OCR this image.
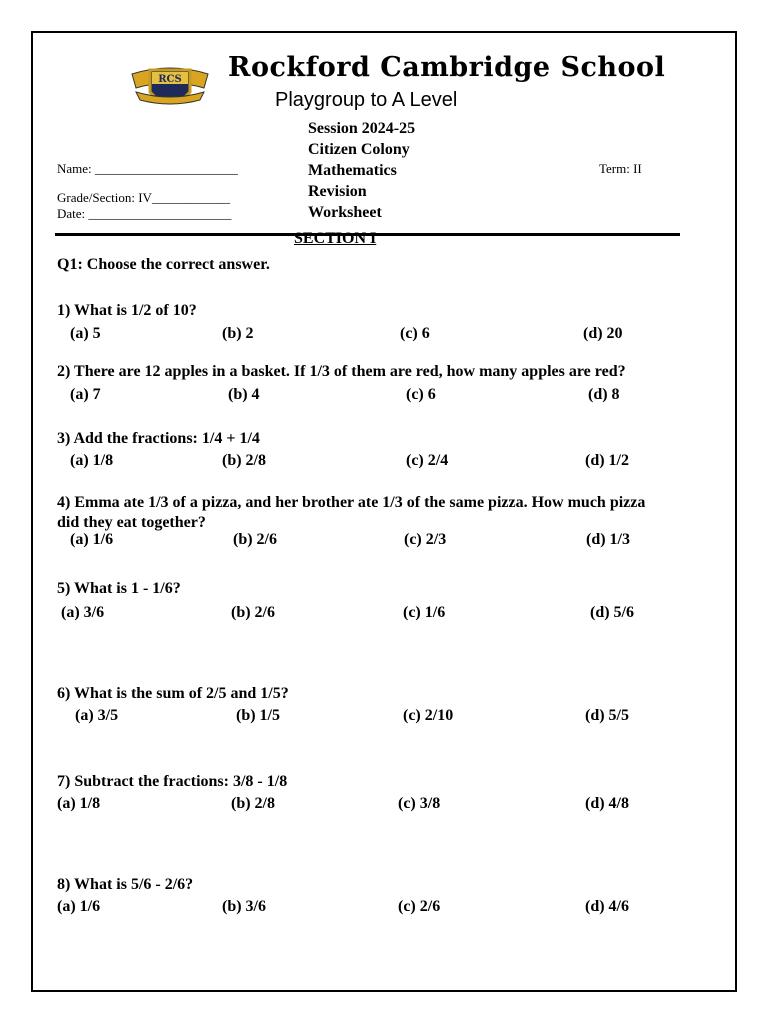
RCS Rockford Cambridge School
Playgroup to A Level
Session 2024-25
Citizen Colony
Mathematics
Revision
Worksheet
Name: ______________________
Grade/Section: IV____________
Date: ______________________
Term: II
SECTION I
Q1: Choose the correct answer.
1) What is 1/2 of 10?
(a) 5	(b) 2	(c) 6	(d) 20
2) There are 12 apples in a basket. If 1/3 of them are red, how many apples are red?
(a) 7	(b) 4	(c) 6	(d) 8
3) Add the fractions: 1/4 + 1/4
(a) 1/8	(b) 2/8	(c) 2/4	(d) 1/2
4) Emma ate 1/3 of a pizza, and her brother ate 1/3 of the same pizza. How much pizza
did they eat together?
(a) 1/6	(b) 2/6	(c) 2/3	(d) 1/3
5) What is 1 - 1/6?
(a) 3/6	(b) 2/6	(c) 1/6	(d) 5/6
6) What is the sum of 2/5 and 1/5?
(a) 3/5	(b) 1/5	(c) 2/10	(d) 5/5
7) Subtract the fractions: 3/8 - 1/8
(a) 1/8	(b) 2/8	(c) 3/8	(d) 4/8
8) What is 5/6 - 2/6?
(a) 1/6	(b) 3/6	(c) 2/6	(d) 4/6
